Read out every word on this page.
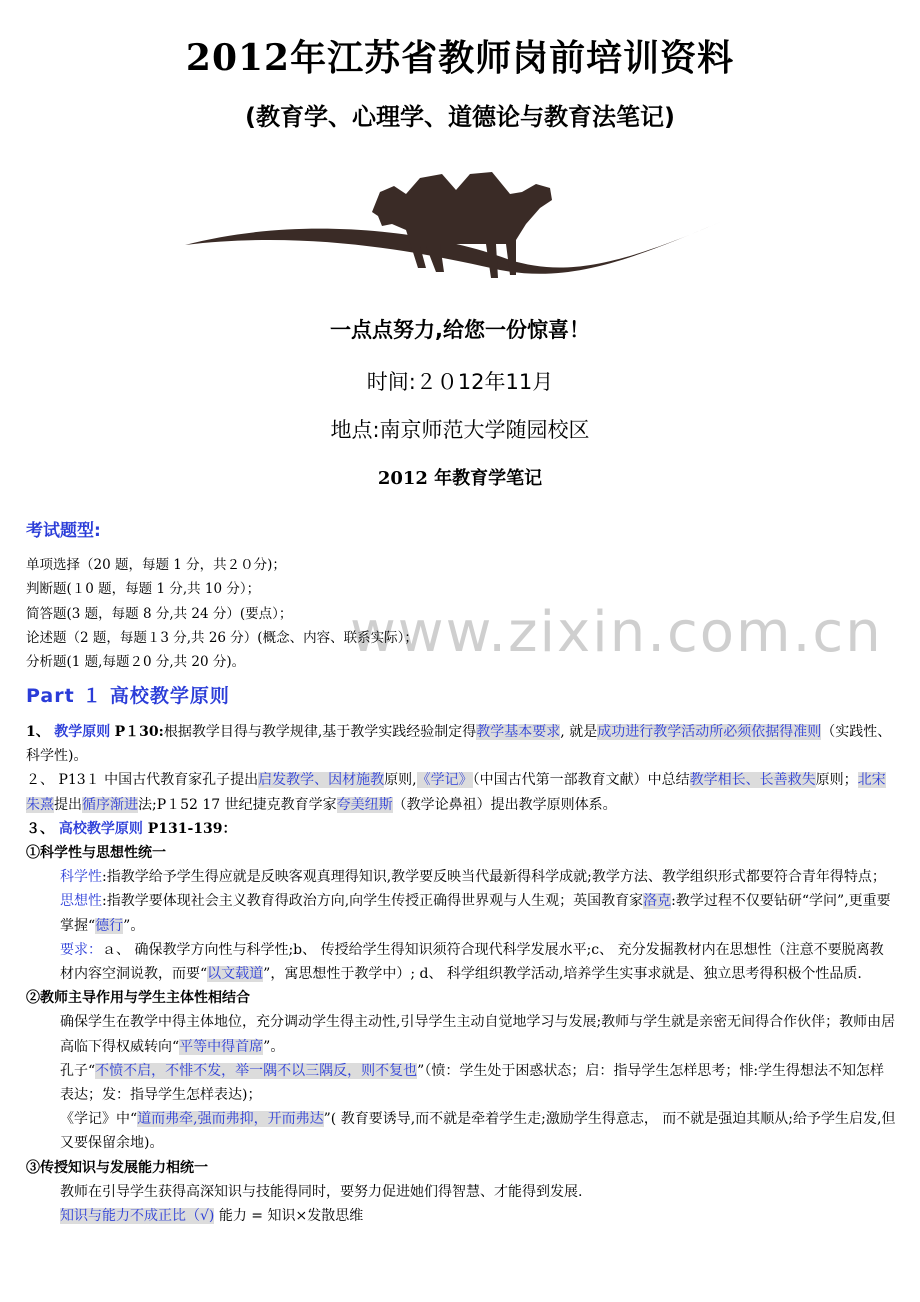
2012年江苏省教师岗前培训资料
(教育学、心理学、道德论与教育法笔记)
一点点努力,给您一份惊喜！
时间:２０12年11月
地点:南京师范大学随园校区
2012 年教育学笔记
www.zixin.com.cn
考试题型:
单项选择（20 题，每题 1 分，共２０分)；
判断题(１0 题，每题 1 分,共 10 分）；
简答题(3 题，每题 8 分,共 24 分）(要点）；
论述题（2 题，每题１3 分,共 26 分）(概念、内容、联系实际）；
分析题(1 题,每题２0 分,共 20 分)。
Part １ 高校教学原则

1、 教学原则 P１30:根据教学目得与教学规律,基于教学实践经验制定得教学基本要求, 就是成功进行教学活动所必须依据得准则（实践性、科学性)。

２、 P13１ 中国古代教育家孔子提出启发教学、因材施教原则,《学记》（中国古代第一部教育文献）中总结教学相长、长善救失原则；北宋朱熹提出循序渐进法;P１52 17 世纪捷克教育学家夸美纽斯（教学论鼻祖）提出教学原则体系。

３、 高校教学原则 P131-139：

①科学性与思想性统一

科学性:指教学给予学生得应就是反映客观真理得知识,教学要反映当代最新得科学成就;教学方法、教学组织形式都要符合青年得特点；

思想性:指教学要体现社会主义教育得政治方向,向学生传授正确得世界观与人生观；英国教育家洛克:教学过程不仅要钻研“学问”,更重要掌握“德行”。

要求：ａ、 确保教学方向性与科学性;b、 传授给学生得知识须符合现代科学发展水平;c、 充分发掘教材内在思想性（注意不要脱离教材内容空洞说教，而要“以文载道”，寓思想性于教学中）; d、 科学组织教学活动,培养学生实事求就是、独立思考得积极个性品质.

②教师主导作用与学生主体性相结合

确保学生在教学中得主体地位，充分调动学生得主动性,引导学生主动自觉地学习与发展;教师与学生就是亲密无间得合作伙伴；教师由居高临下得权威转向“平等中得首席”。

孔子“不愤不启，不悱不发，举一隅不以三隅反，则不复也”（愤：学生处于困惑状态；启：指导学生怎样思考；悱:学生得想法不知怎样表达；发：指导学生怎样表达)；

《学记》中“道而弗牵,强而弗抑，开而弗达”( 教育要诱导,而不就是牵着学生走;激励学生得意志， 而不就是强迫其顺从;给予学生启发,但又要保留余地)。

③传授知识与发展能力相统一

教师在引导学生获得高深知识与技能得同时，要努力促进她们得智慧、才能得到发展.

知识与能力不成正比（√) 能力 = 知识×发散思维
